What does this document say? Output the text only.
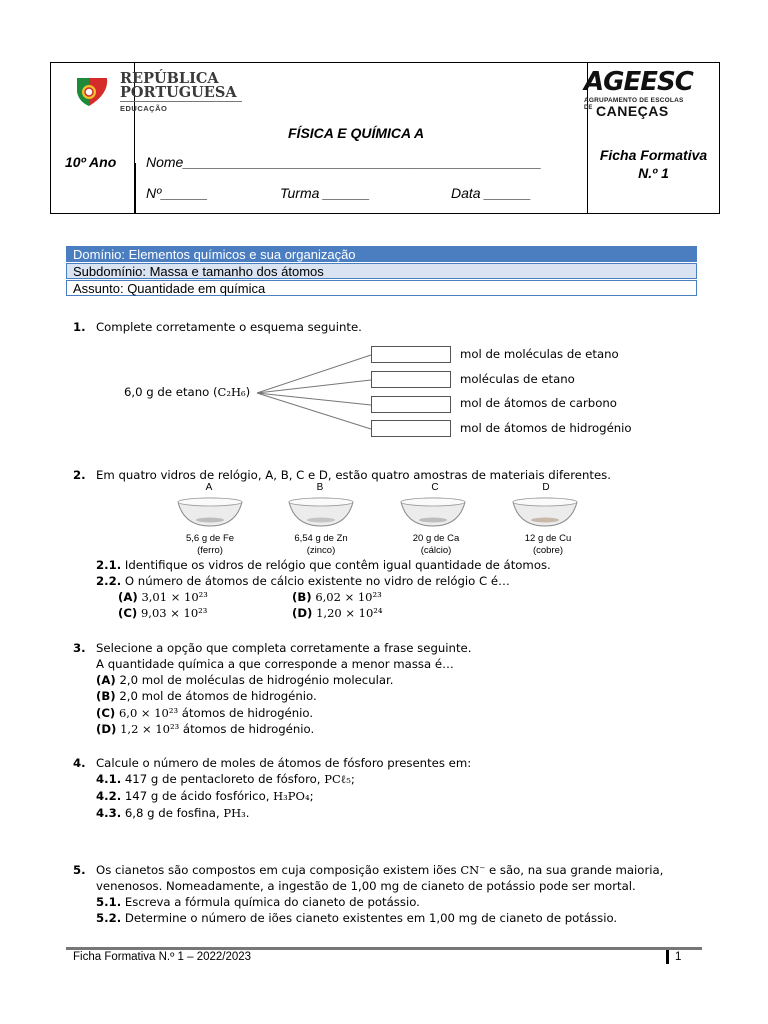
REPÚBLICA
PORTUGUESA
EDUCAÇÃO
AGEESC
AGRUPAMENTO DE ESCOLAS
DE CANEÇAS
FÍSICA E QUÍMICA A
10º Ano Nome______________________________________________
Nº______	Turma ______	Data ______
Ficha Formativa
N.º 1
Domínio: Elementos químicos e sua organização
Subdomínio: Massa e tamanho dos átomos
Assunto: Quantidade em química
1. Complete corretamente o esquema seguinte.
6,0 g de etano (C₂H₆)
mol de moléculas de etano
moléculas de etano
mol de átomos de carbono
mol de átomos de hidrogénio
2. Em quatro vidros de relógio, A, B, C e D, estão quatro amostras de materiais diferentes.
A	B	C	D
5,6 g de Fe
(ferro)
6,54 g de Zn
(zinco)
20 g de Ca
(cálcio)
12 g de Cu
(cobre)
2.1. Identifique os vidros de relógio que contêm igual quantidade de átomos.
2.2. O número de átomos de cálcio existente no vidro de relógio C é…
(A) 3,01 × 10²³	(B) 6,02 × 10²³
(C) 9,03 × 10²³	(D) 1,20 × 10²⁴
3. Selecione a opção que completa corretamente a frase seguinte.
A quantidade química a que corresponde a menor massa é…
(A) 2,0 mol de moléculas de hidrogénio molecular.
(B) 2,0 mol de átomos de hidrogénio.
(C) 6,0 × 10²³ átomos de hidrogénio.
(D) 1,2 × 10²³ átomos de hidrogénio.
4. Calcule o número de moles de átomos de fósforo presentes em:
4.1. 417 g de pentacloreto de fósforo, PCℓ₅;
4.2. 147 g de ácido fosfórico, H₃PO₄;
4.3. 6,8 g de fosfina, PH₃.
5. Os cianetos são compostos em cuja composição existem iões CN⁻ e são, na sua grande maioria,
venenosos. Nomeadamente, a ingestão de 1,00 mg de cianeto de potássio pode ser mortal.
5.1. Escreva a fórmula química do cianeto de potássio.
5.2. Determine o número de iões cianeto existentes em 1,00 mg de cianeto de potássio.
Ficha Formativa N.º 1 – 2022/2023	1
